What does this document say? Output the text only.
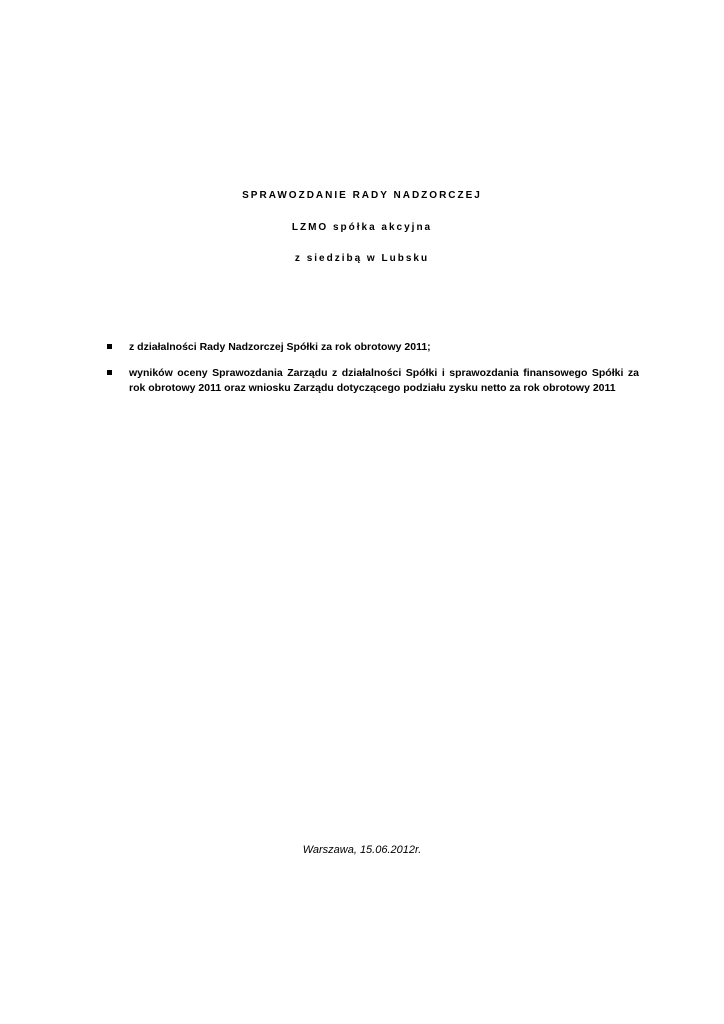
SPRAWOZDANIE RADY NADZORCZEJ
LZMO spółka akcyjna
z siedzibą w Lubsku
z działalności Rady Nadzorczej Spółki za rok obrotowy 2011;
wyników oceny Sprawozdania Zarządu z działalności Spółki i sprawozdania finansowego Spółki za rok obrotowy 2011 oraz wniosku Zarządu dotyczącego podziału zysku netto za rok obrotowy 2011
Warszawa, 15.06.2012r.
